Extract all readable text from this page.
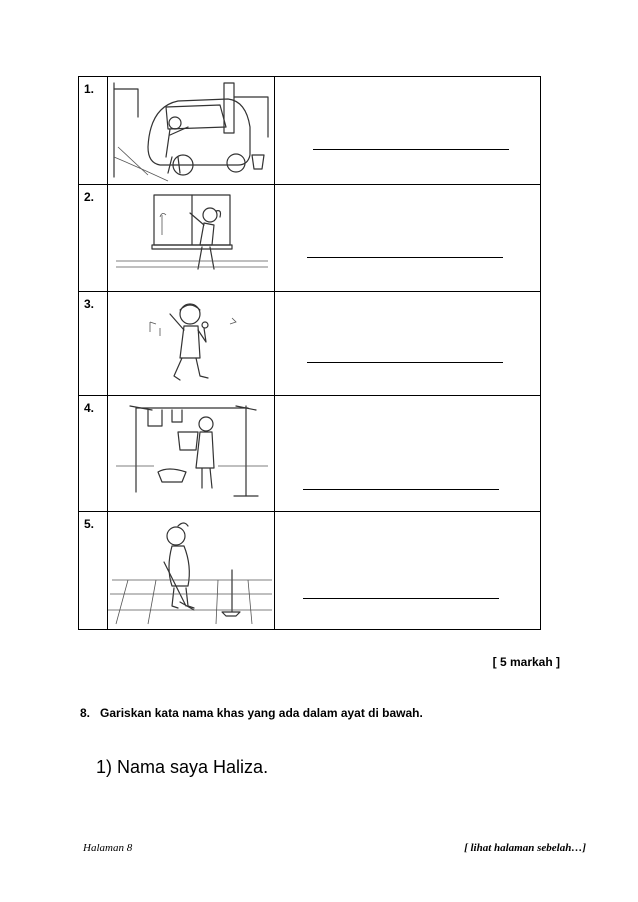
1.	

2.	

3.	

4.	

5.	

[ 5 markah ]
8. Gariskan kata nama khas yang ada dalam ayat di bawah.
1) Nama saya Haliza.
Halaman 8	[ lihat halaman sebelah…]
